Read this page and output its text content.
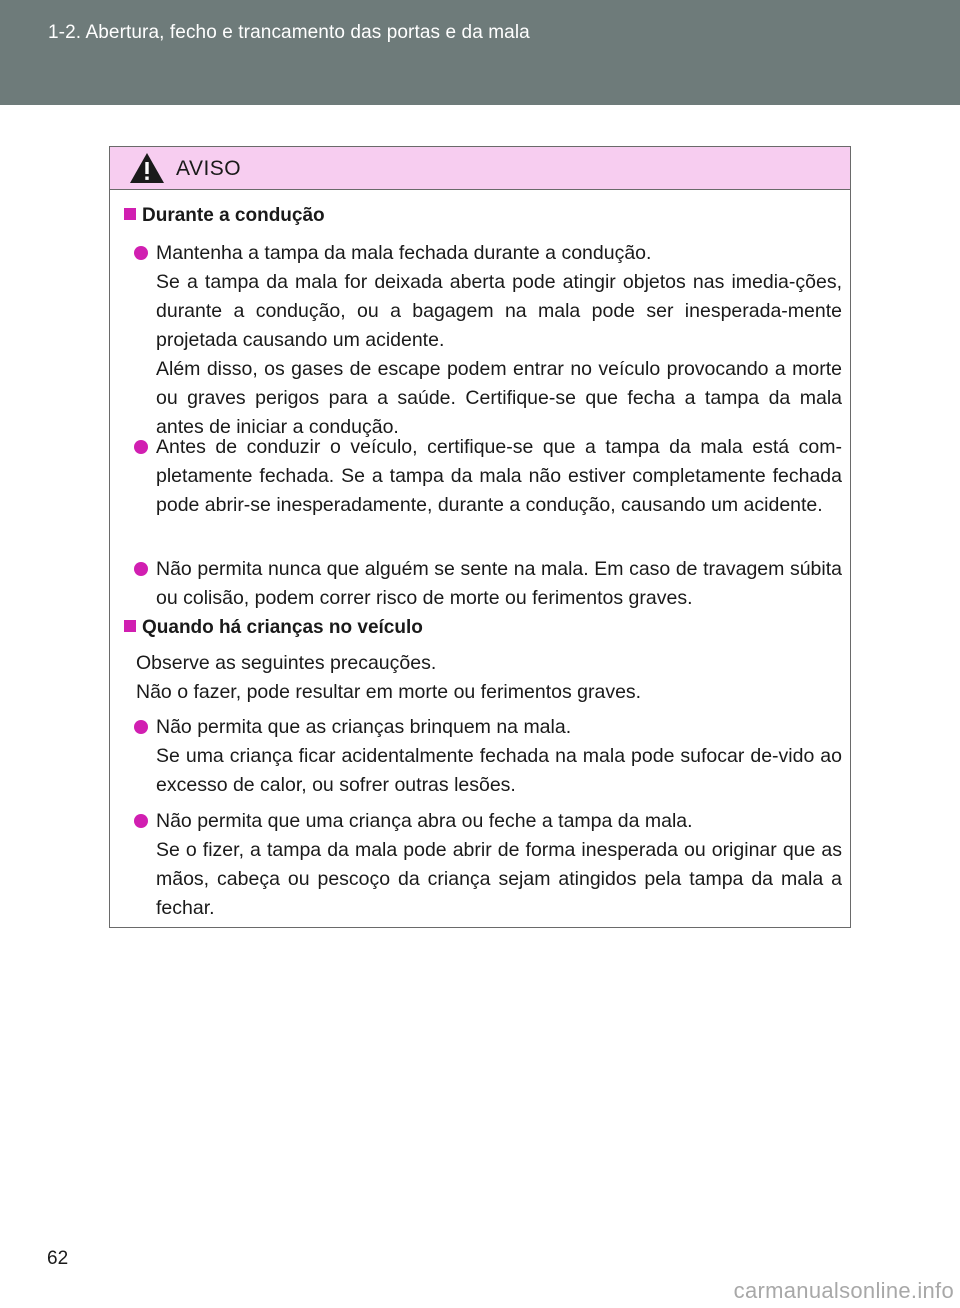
1-2. Abertura, fecho e trancamento das portas e da mala
AVISO
Durante a condução

Mantenha a tampa da mala fechada durante a condução.

Se a tampa da mala for deixada aberta pode atingir objetos nas imedia-ções, durante a condução, ou a bagagem na mala pode ser inesperada-mente projetada causando um acidente.

Além disso, os gases de escape podem entrar no veículo provocando a morte ou graves perigos para a saúde. Certifique-se que fecha a tampa da mala antes de iniciar a condução.

Antes de conduzir o veículo, certifique-se que a tampa da mala está com-pletamente fechada. Se a tampa da mala não estiver completamente fechada pode abrir-se inesperadamente, durante a condução, causando um acidente.

Não permita nunca que alguém se sente na mala. Em caso de travagem súbita ou colisão, podem correr risco de morte ou ferimentos graves.

Quando há crianças no veículo

Observe as seguintes precauções.

Não o fazer, pode resultar em morte ou ferimentos graves.

Não permita que as crianças brinquem na mala.

Se uma criança ficar acidentalmente fechada na mala pode sufocar de-vido ao excesso de calor, ou sofrer outras lesões.

Não permita que uma criança abra ou feche a tampa da mala.

Se o fizer, a tampa da mala pode abrir de forma inesperada ou originar que as mãos, cabeça ou pescoço da criança sejam atingidos pela tampa da mala a fechar.

62
carmanualsonline.info
